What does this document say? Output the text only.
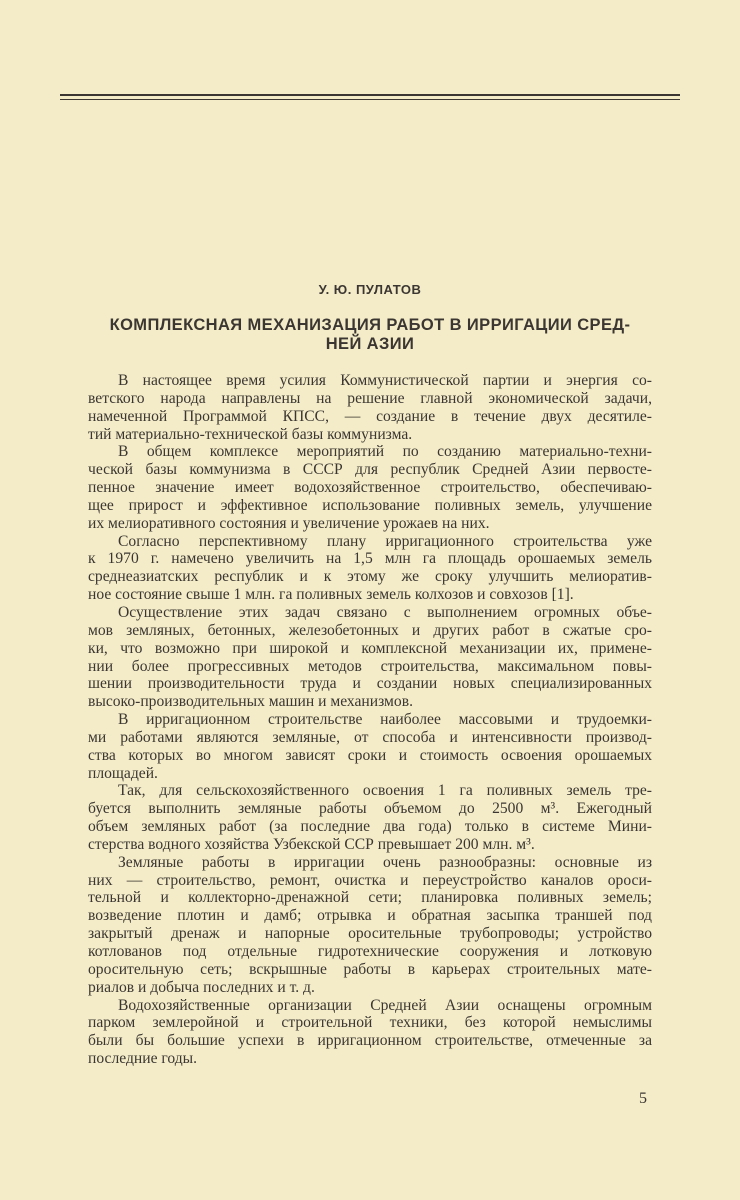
У. Ю. ПУЛАТОВ
КОМПЛЕКСНАЯ МЕХАНИЗАЦИЯ РАБОТ В ИРРИГАЦИИ СРЕД-
НЕЙ АЗИИ
В настоящее время усилия Коммунистической партии и энергия со-
ветского народа направлены на решение главной экономической задачи,
намеченной Программой КПСС, — создание в течение двух десятиле-
тий материально-технической базы коммунизма.
В общем комплексе мероприятий по созданию материально-техни-
ческой базы коммунизма в СССР для республик Средней Азии первосте-
пенное значение имеет водохозяйственное строительство, обеспечиваю-
щее прирост и эффективное использование поливных земель, улучшение
их мелиоративного состояния и увеличение урожаев на них.
Согласно перспективному плану ирригационного строительства уже
к 1970 г. намечено увеличить на 1,5 млн га площадь орошаемых земель
среднеазиатских республик и к этому же сроку улучшить мелиоратив-
ное состояние свыше 1 млн. га поливных земель колхозов и совхозов [1].
Осуществление этих задач связано с выполнением огромных объе-
мов земляных, бетонных, железобетонных и других работ в сжатые сро-
ки, что возможно при широкой и комплексной механизации их, примене-
нии более прогрессивных методов строительства, максимальном повы-
шении производительности труда и создании новых специализированных
высоко-производительных машин и механизмов.
В ирригационном строительстве наиболее массовыми и трудоемки-
ми работами являются земляные, от способа и интенсивности производ-
ства которых во многом зависят сроки и стоимость освоения орошаемых
площадей.
Так, для сельскохозяйственного освоения 1 га поливных земель тре-
буется выполнить земляные работы объемом до 2500 м³. Ежегодный
объем земляных работ (за последние два года) только в системе Мини-
стерства водного хозяйства Узбекской ССР превышает 200 млн. м³.
Земляные работы в ирригации очень разнообразны: основные из
них — строительство, ремонт, очистка и переустройство каналов ороси-
тельной и коллекторно-дренажной сети; планировка поливных земель;
возведение плотин и дамб; отрывка и обратная засыпка траншей под
закрытый дренаж и напорные оросительные трубопроводы; устройство
котлованов под отдельные гидротехнические сооружения и лотковую
оросительную сеть; вскрышные работы в карьерах строительных мате-
риалов и добыча последних и т. д.
Водохозяйственные организации Средней Азии оснащены огромным
парком землеройной и строительной техники, без которой немыслимы
были бы большие успехи в ирригационном строительстве, отмеченные за
последние годы.
5
